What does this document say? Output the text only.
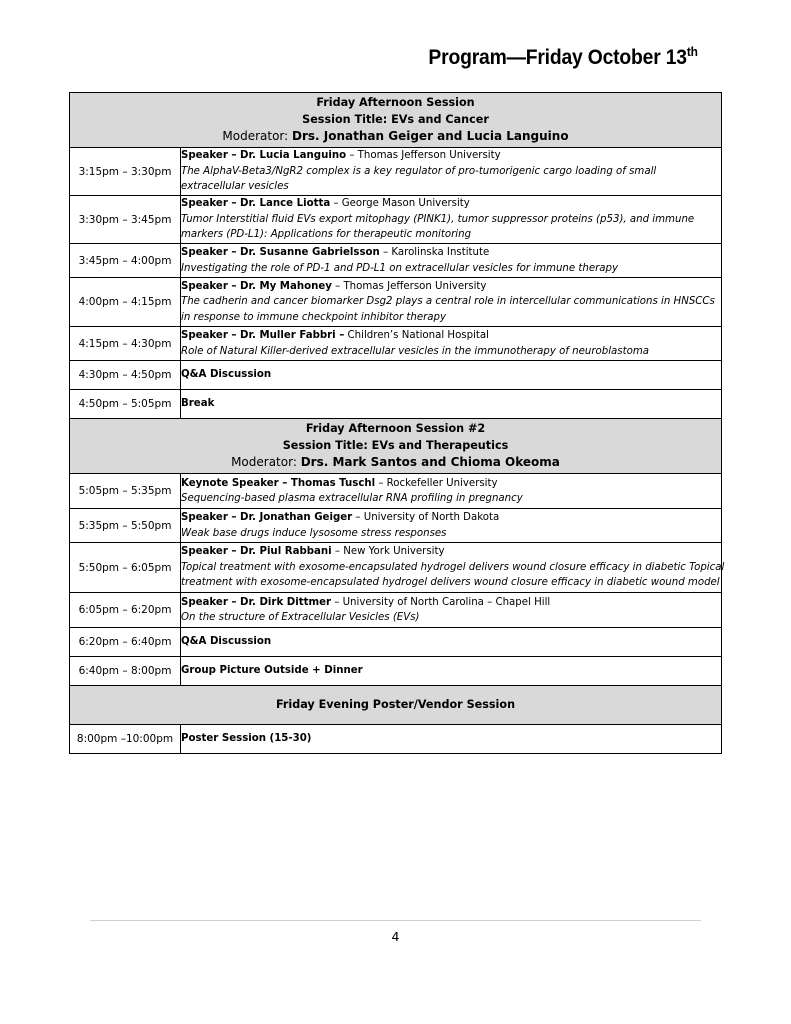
Program—Friday October 13th
Friday Afternoon Session
Session Title: EVs and Cancer
Moderator: Drs. Jonathan Geiger and Lucia Languino	

3:15pm – 3:30pm	Speaker – Dr. Lucia Languino – Thomas Jefferson University
The AlphaV-Beta3/NgR2 complex is a key regulator of pro-tumorigenic cargo loading of small
extracellular vesicles

3:30pm – 3:45pm	Speaker – Dr. Lance Liotta – George Mason University
Tumor Interstitial fluid EVs export mitophagy (PINK1), tumor suppressor proteins (p53), and immune
markers (PD-L1): Applications for therapeutic monitoring

3:45pm – 4:00pm	Speaker – Dr. Susanne Gabrielsson – Karolinska Institute
Investigating the role of PD-1 and PD-L1 on extracellular vesicles for immune therapy

4:00pm – 4:15pm	Speaker – Dr. My Mahoney – Thomas Jefferson University
The cadherin and cancer biomarker Dsg2 plays a central role in intercellular communications in HNSCCs
in response to immune checkpoint inhibitor therapy

4:15pm – 4:30pm	Speaker – Dr. Muller Fabbri – Children’s National Hospital
Role of Natural Killer-derived extracellular vesicles in the immunotherapy of neuroblastoma

4:30pm – 4:50pm	Q&A Discussion
4:50pm – 5:05pm	Break

Friday Afternoon Session #2
Session Title: EVs and Therapeutics
Moderator: Drs. Mark Santos and Chioma Okeoma	

5:05pm – 5:35pm	Keynote Speaker – Thomas Tuschl – Rockefeller University
Sequencing-based plasma extracellular RNA profiling in pregnancy

5:35pm – 5:50pm	Speaker – Dr. Jonathan Geiger – University of North Dakota
Weak base drugs induce lysosome stress responses

5:50pm – 6:05pm	Speaker – Dr. Piul Rabbani – New York University
Topical treatment with exosome-encapsulated hydrogel delivers wound closure efficacy in diabetic Topical
treatment with exosome-encapsulated hydrogel delivers wound closure efficacy in diabetic wound model

6:05pm – 6:20pm	Speaker – Dr. Dirk Dittmer – University of North Carolina – Chapel Hill
On the structure of Extracellular Vesicles (EVs)

6:20pm – 6:40pm	Q&A Discussion
6:40pm – 8:00pm	Group Picture Outside + Dinner

Friday Evening Poster/Vendor Session	

8:00pm –10:00pm	Poster Session (15-30)
4
